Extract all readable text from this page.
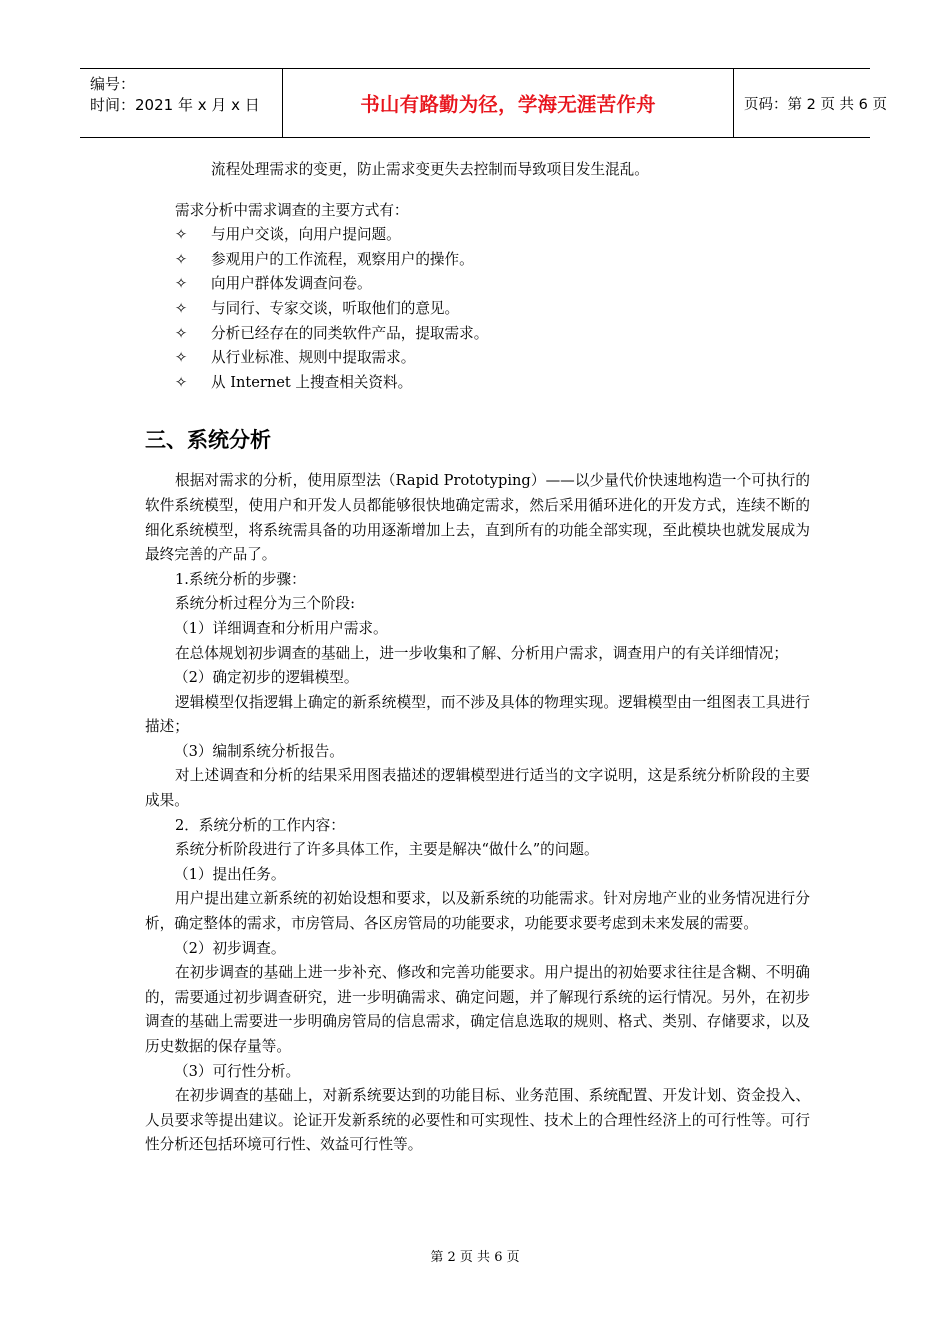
编号：
时间：2021 年 x 月 x 日	书山有路勤为径，学海无涯苦作舟	页码：第 2 页 共 6 页

流程处理需求的变更，防止需求变更失去控制而导致项目发生混乱。

需求分析中需求调查的主要方式有：

✧ 与用户交谈，向用户提问题。
✧ 参观用户的工作流程，观察用户的操作。
✧ 向用户群体发调查问卷。
✧ 与同行、专家交谈，听取他们的意见。
✧ 分析已经存在的同类软件产品，提取需求。
✧ 从行业标准、规则中提取需求。
✧ 从 Internet 上搜查相关资料。
三、系统分析

根据对需求的分析，使用原型法（Rapid Prototyping）——以少量代价快速地构造一个可执行的软件系统模型，使用户和开发人员都能够很快地确定需求，然后采用循环进化的开发方式，连续不断的细化系统模型，将系统需具备的功用逐渐增加上去，直到所有的功能全部实现，至此模块也就发展成为最终完善的产品了。

1.系统分析的步骤：

系统分析过程分为三个阶段:

（1）详细调查和分析用户需求。

在总体规划初步调查的基础上，进一步收集和了解、分析用户需求，调查用户的有关详细情况；

（2）确定初步的逻辑模型。

逻辑模型仅指逻辑上确定的新系统模型，而不涉及具体的物理实现。逻辑模型由一组图表工具进行描述；

（3）编制系统分析报告。

对上述调查和分析的结果采用图表描述的逻辑模型进行适当的文字说明，这是系统分析阶段的主要成果。

2．系统分析的工作内容：

系统分析阶段进行了许多具体工作，主要是解决“做什么”的问题。

（1）提出任务。

用户提出建立新系统的初始设想和要求，以及新系统的功能需求。针对房地产业的业务情况进行分析，确定整体的需求，市房管局、各区房管局的功能要求，功能要求要考虑到未来发展的需要。

（2）初步调查。

在初步调查的基础上进一步补充、修改和完善功能要求。用户提出的初始要求往往是含糊、不明确的，需要通过初步调查研究，进一步明确需求、确定问题，并了解现行系统的运行情况。另外，在初步调查的基础上需要进一步明确房管局的信息需求，确定信息选取的规则、格式、类别、存储要求，以及历史数据的保存量等。

（3）可行性分析。

在初步调查的基础上，对新系统要达到的功能目标、业务范围、系统配置、开发计划、资金投入、人员要求等提出建议。论证开发新系统的必要性和可实现性、技术上的合理性经济上的可行性等。可行性分析还包括环境可行性、效益可行性等。

第 2 页 共 6 页
